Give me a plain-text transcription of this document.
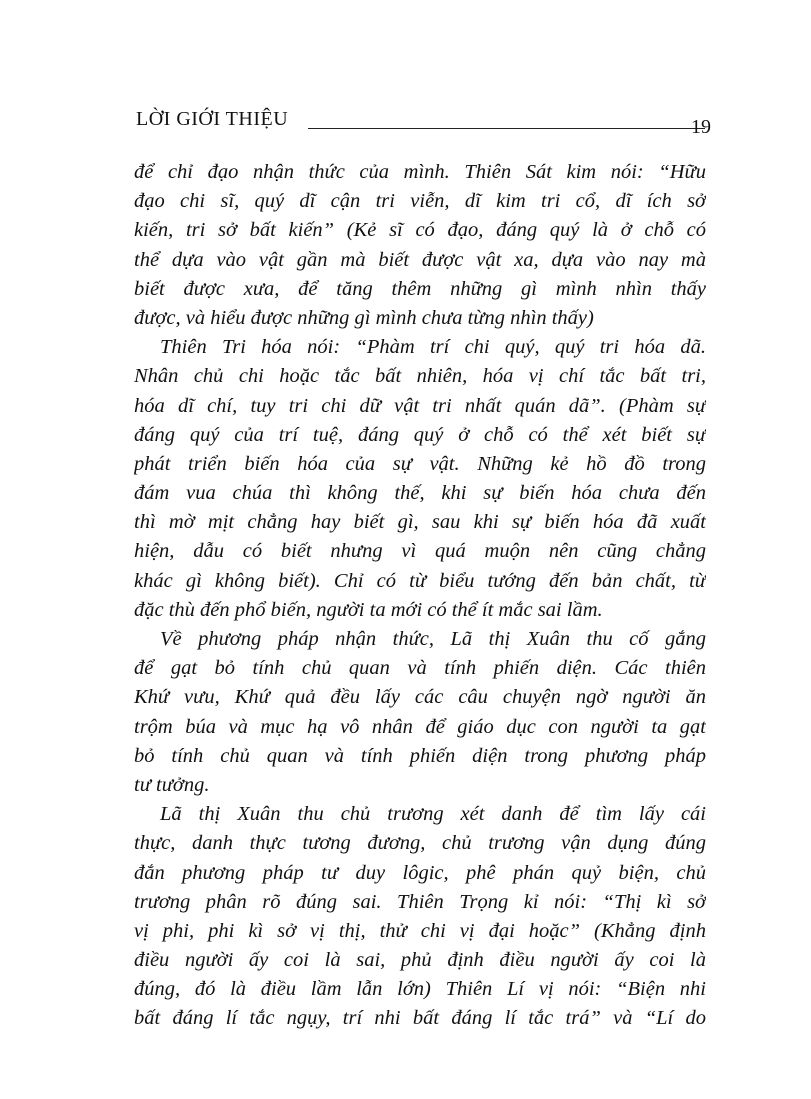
LỜI GIỚI THIỆU	19
để chỉ đạo nhận thức của mình. Thiên Sát kim nói: “Hữu
đạo chi sĩ, quý dĩ cận tri viễn, dĩ kim tri cổ, dĩ ích sở
kiến, tri sở bất kiến” (Kẻ sĩ có đạo, đáng quý là ở chỗ có
thể dựa vào vật gần mà biết được vật xa, dựa vào nay mà
biết được xưa, để tăng thêm những gì mình nhìn thấy
được, và hiểu được những gì mình chưa từng nhìn thấy)
Thiên Tri hóa nói: “Phàm trí chi quý, quý tri hóa dã.
Nhân chủ chi hoặc tắc bất nhiên, hóa vị chí tắc bất tri,
hóa dĩ chí, tuy tri chi dữ vật tri nhất quán dã”. (Phàm sự
đáng quý của trí tuệ, đáng quý ở chỗ có thể xét biết sự
phát triển biến hóa của sự vật. Những kẻ hồ đồ trong
đám vua chúa thì không thế, khi sự biến hóa chưa đến
thì mờ mịt chẳng hay biết gì, sau khi sự biến hóa đã xuất
hiện, dẫu có biết nhưng vì quá muộn nên cũng chẳng
khác gì không biết). Chỉ có từ biểu tướng đến bản chất, từ
đặc thù đến phổ biến, người ta mới có thể ít mắc sai lầm.
Về phương pháp nhận thức, Lã thị Xuân thu cố gắng
để gạt bỏ tính chủ quan và tính phiến diện. Các thiên
Khứ vưu, Khứ quả đều lấy các câu chuyện ngờ người ăn
trộm búa và mục hạ vô nhân để giáo dục con người ta gạt
bỏ tính chủ quan và tính phiến diện trong phương pháp
tư tưởng.
Lã thị Xuân thu chủ trương xét danh để tìm lấy cái
thực, danh thực tương đương, chủ trương vận dụng đúng
đắn phương pháp tư duy lôgic, phê phán quỷ biện, chủ
trương phân rõ đúng sai. Thiên Trọng kỉ nói: “Thị kì sở
vị phi, phi kì sở vị thị, thử chi vị đại hoặc” (Khẳng định
điều người ấy coi là sai, phủ định điều người ấy coi là
đúng, đó là điều lầm lẫn lớn) Thiên Lí vị nói: “Biện nhi
bất đáng lí tắc ngụy, trí nhi bất đáng lí tắc trá” và “Lí do
